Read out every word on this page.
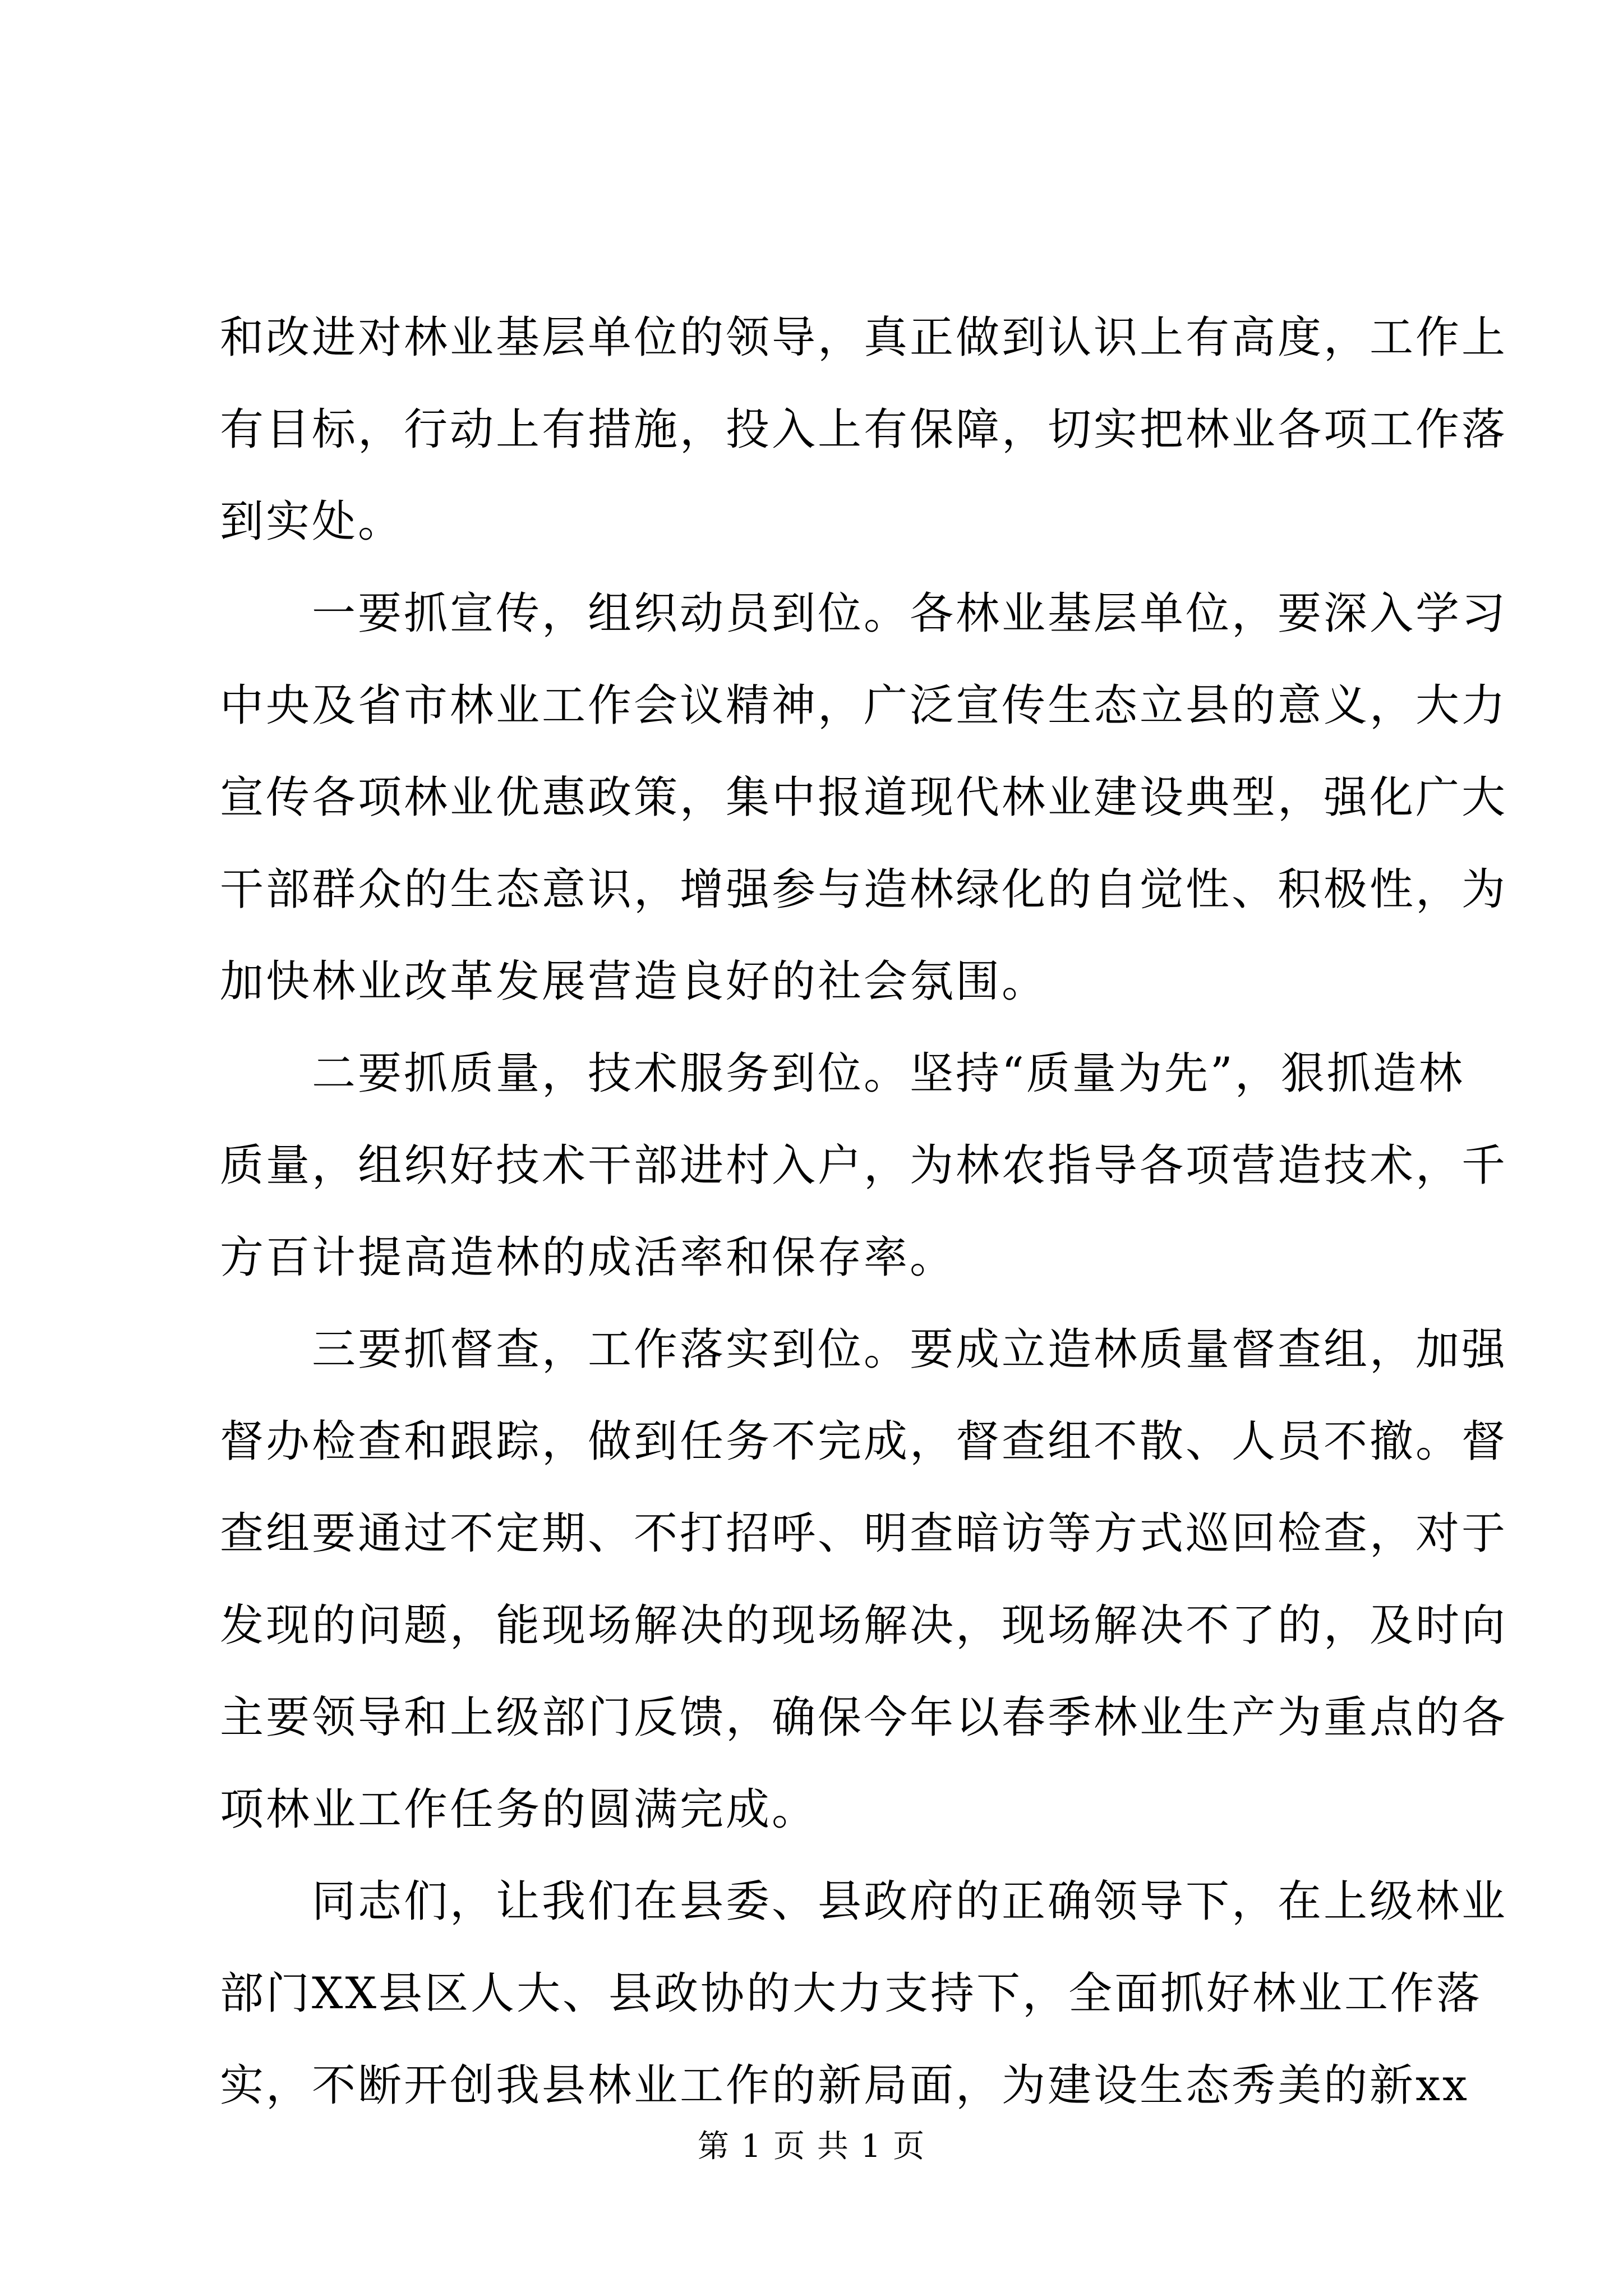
和改进对林业基层单位的领导，真正做到认识上有高度，工作上
有目标，行动上有措施，投入上有保障，切实把林业各项工作落
到实处。
一要抓宣传，组织动员到位。各林业基层单位，要深入学习
中央及省市林业工作会议精神，广泛宣传生态立县的意义，大力
宣传各项林业优惠政策，集中报道现代林业建设典型，强化广大
干部群众的生态意识，增强参与造林绿化的自觉性、积极性，为
加快林业改革发展营造良好的社会氛围。
二要抓质量，技术服务到位。坚持“质量为先”，狠抓造林
质量，组织好技术干部进村入户，为林农指导各项营造技术，千
方百计提高造林的成活率和保存率。
三要抓督查，工作落实到位。要成立造林质量督查组，加强
督办检查和跟踪，做到任务不完成，督查组不散、人员不撤。督
查组要通过不定期、不打招呼、明查暗访等方式巡回检查，对于
发现的问题，能现场解决的现场解决，现场解决不了的，及时向
主要领导和上级部门反馈，确保今年以春季林业生产为重点的各
项林业工作任务的圆满完成。
同志们，让我们在县委、县政府的正确领导下，在上级林业
部门XX县区人大、县政协的大力支持下，全面抓好林业工作落
实，不断开创我县林业工作的新局面，为建设生态秀美的新xx
第 1 页 共 1 页
